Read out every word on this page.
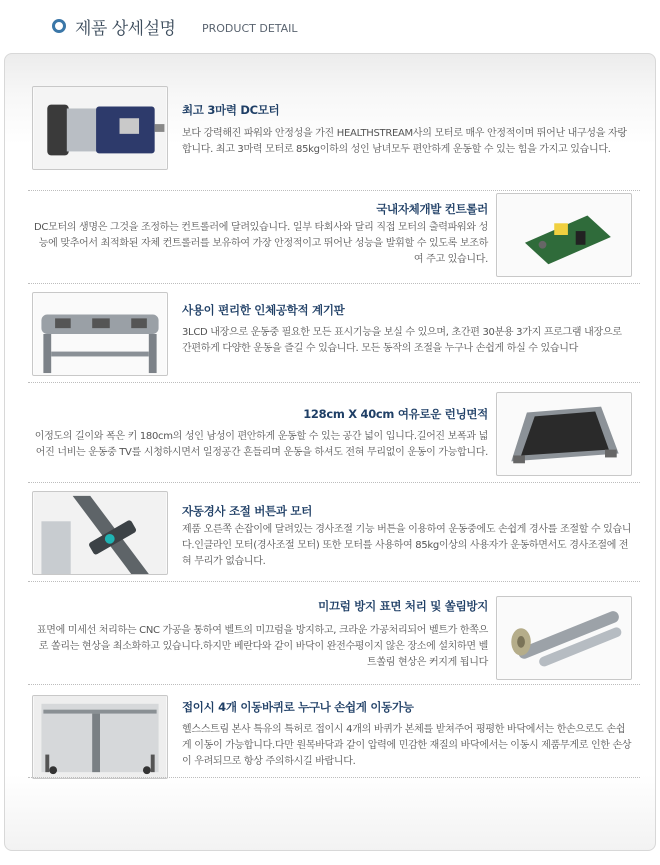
제품 상세설명 PRODUCT DETAIL
최고 3마력 DC모터
보다 강력해진 파워와 안정성을 가진 HEALTHSTREAM사의 모터로 매우 안정적이며 뛰어난 내구성을 자랑합니다. 최고 3마력 모터로 85kg이하의 성인 남녀모두 편안하게 운동할 수 있는 힘을 가지고 있습니다.
국내자체개발 컨트롤러
DC모터의 생명은 그것을 조정하는 컨트롤러에 달려있습니다. 일부 타회사와 달리 직접 모터의 출력파워와 성능에 맞추어서 최적화된 자체 컨트롤러를 보유하여 가장 안정적이고 뛰어난 성능을 발휘할 수 있도록 보조하여 주고 있습니다.
사용이 편리한 인체공학적 계기판
3LCD 내장으로 운동중 필요한 모든 표시기능을 보실 수 있으며, 초간편 30분용 3가지 프로그램 내장으로 간편하게 다양한 운동을 즐길 수 있습니다. 모든 동작의 조절을 누구나 손쉽게 하실 수 있습니다
128cm X 40cm 여유로운 런닝면적
이정도의 길이와 폭은 키 180cm의 성인 남성이 편안하게 운동할 수 있는 공간 넓이 입니다.길어진 보폭과 넓어진 너비는 운동중 TV를 시청하시면서 일정공간 흔들리며 운동을 하셔도 전혀 무리없이 운동이 가능합니다.
자동경사 조절 버튼과 모터
제품 오른쪽 손잡이에 달려있는 경사조절 기능 버튼을 이용하여 운동중에도 손쉽게 경사를 조절할 수 있습니다.인클라인 모터(경사조절 모터) 또한 모터를 사용하여 85kg이상의 사용자가 운동하면서도 경사조절에 전혀 무리가 없습니다.
미끄럼 방지 표면 처리 및 쏠림방지
표면에 미세선 처리하는 CNC 가공을 통하여 벨트의 미끄럼을 방지하고, 크라운 가공처리되어 벨트가 한쪽으로 쏠리는 현상을 최소화하고 있습니다.하지만 베란다와 같이 바닥이 완전수평이지 않은 장소에 설치하면 벨트쏠림 현상은 커지게 됩니다
접이시 4개 이동바퀴로 누구나 손쉽게 이동가능
헬스스트림 본사 특유의 특허로 접이시 4개의 바퀴가 본체를 받쳐주어 평평한 바닥에서는 한손으로도 손쉽게 이동이 가능합니다.다만 원목바닥과 같이 압력에 민감한 재질의 바닥에서는 이동시 제품무게로 인한 손상이 우려되므로 항상 주의하시길 바랍니다.
